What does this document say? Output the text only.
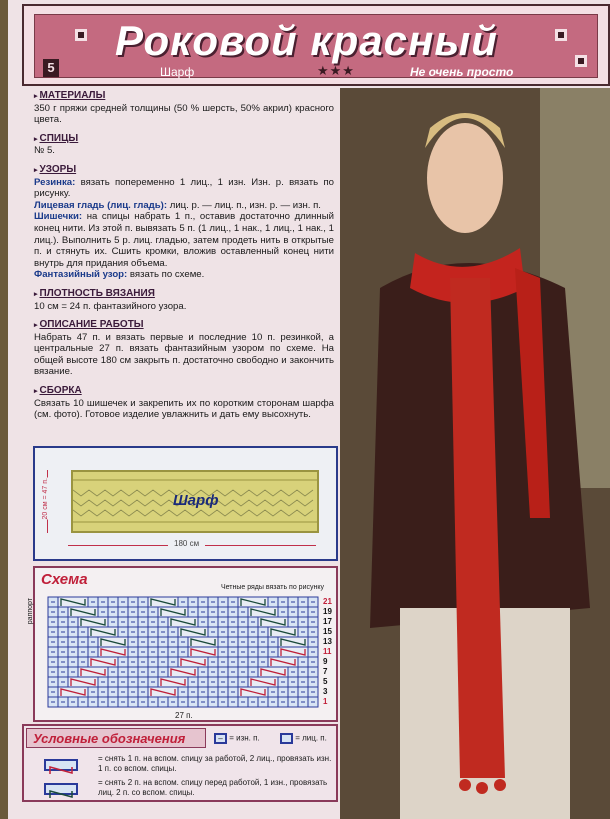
Роковой красный
5	Шарф	★★★	Не очень просто
▸ МАТЕРИАЛЫ

350 г пряжи средней толщины (50 % шерсть, 50% акрил) красного цвета.

▸ СПИЦЫ

№ 5.

▸ УЗОРЫ

Резинка: вязать попеременно 1 лиц., 1 изн. Изн. р. вязать по рисунку.

Лицевая гладь (лиц. гладь): лиц. р. — лиц. п., изн. р. — изн. п.

Шишечки: на спицы набрать 1 п., оставив достаточно длинный конец нити. Из этой п. вывязать 5 п. (1 лиц., 1 нак., 1 лиц., 1 нак., 1 лиц.). Выполнить 5 р. лиц. гладью, затем продеть нить в открытые п. и стянуть их. Сшить кромки, вложив оставленный конец нити внутрь для придания объема.

Фантазийный узор: вязать по схеме.

▸ ПЛОТНОСТЬ ВЯЗАНИЯ

10 см = 24 п. фантазийного узора.

▸ ОПИСАНИЕ РАБОТЫ

Набрать 47 п. и вязать первые и последние 10 п. резинкой, а центральные 27 п. вязать фантазийным узором по схеме. На общей высоте 180 см закрыть п. достаточно свободно и закончить вязание.

▸ СБОРКА

Связать 10 шишечек и закрепить их по коротким сторонам шарфа (см. фото). Готовое изделие увлажнить и дать ему высохнуть.

20 см = 47 п.	Шарф
180 см
Схема	Четные ряды вязать по рисунку
раппорт	21
19
17
15
13
11
9
7
5
3
1
27 п.
Условные обозначения	– = изн. п.	= лиц. п.
= снять 1 п. на вспом. спицу за работой, 2 лиц., провязать изн. 1 п. со вспом. спицы.
= снять 2 п. на вспом. спицу перед работой, 1 изн., провязать лиц. 2 п. со вспом. спицы.
